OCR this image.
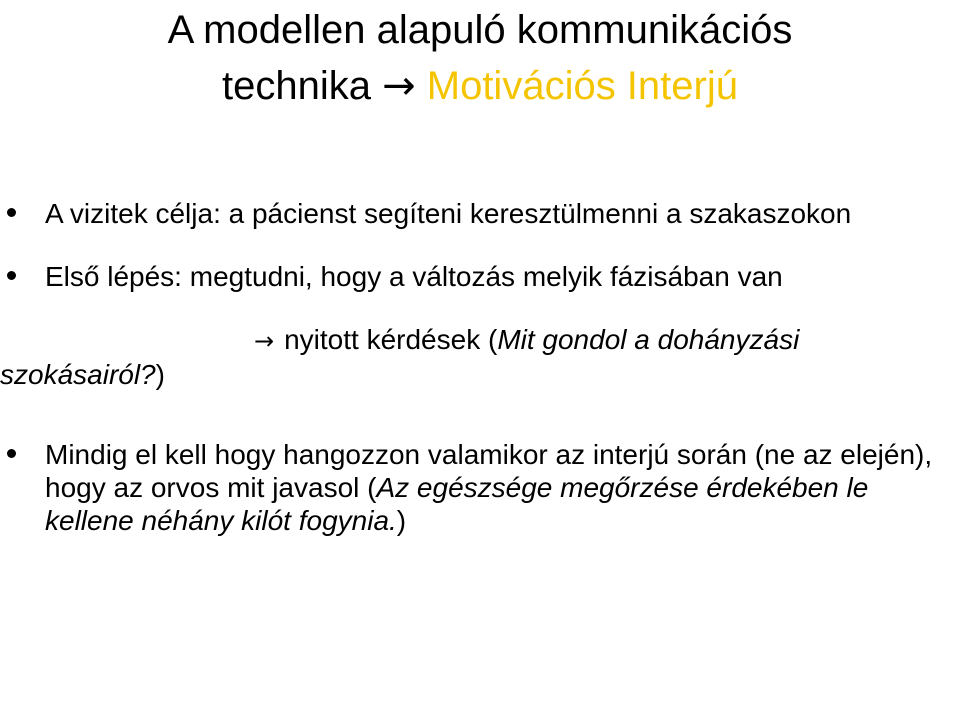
A modellen alapuló kommunikációs
technika → Motivációs Interjú
A vizitek célja: a pácienst segíteni keresztülmenni a szakaszokon
Első lépés: megtudni, hogy a változás melyik fázisában van
→ nyitott kérdések (Mit gondol a dohányzási szokásairól?)
Mindig el kell hogy hangozzon valamikor az interjú során (ne az elején), hogy az orvos mit javasol (Az egészsége megőrzése érdekében le kellene néhány kilót fogynia.)
